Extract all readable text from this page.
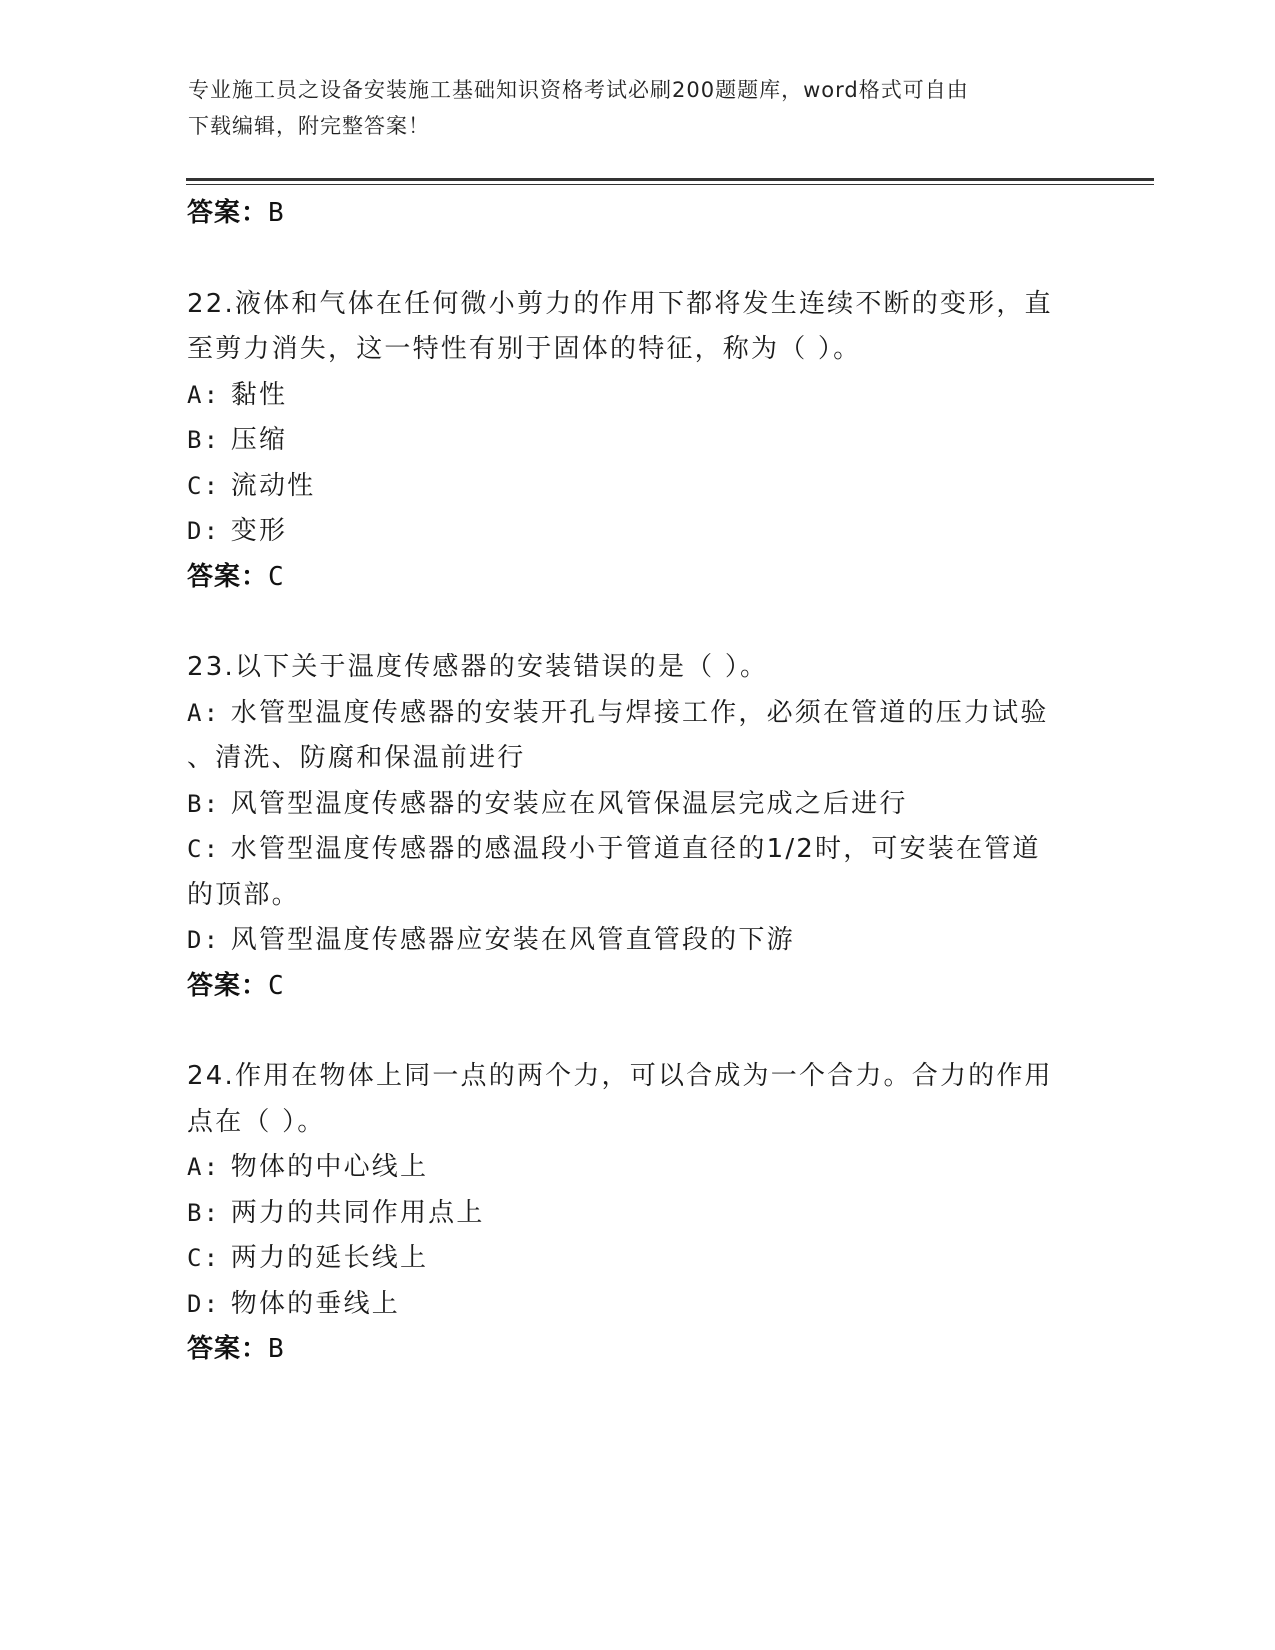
专业施工员之设备安装施工基础知识资格考试必刷200题题库，word格式可自由
下载编辑，附完整答案！
答案：B
22.液体和气体在任何微小剪力的作用下都将发生连续不断的变形，直
至剪力消失，这一特性有别于固体的特征，称为（ ）。
A: 黏性
B: 压缩
C: 流动性
D: 变形
答案：C
23.以下关于温度传感器的安装错误的是（ ）。
A: 水管型温度传感器的安装开孔与焊接工作，必须在管道的压力试验
、清洗、防腐和保温前进行
B: 风管型温度传感器的安装应在风管保温层完成之后进行
C: 水管型温度传感器的感温段小于管道直径的1/2时，可安装在管道
的顶部。
D: 风管型温度传感器应安装在风管直管段的下游
答案：C
24.作用在物体上同一点的两个力，可以合成为一个合力。合力的作用
点在（ ）。
A: 物体的中心线上
B: 两力的共同作用点上
C: 两力的延长线上
D: 物体的垂线上
答案：B
